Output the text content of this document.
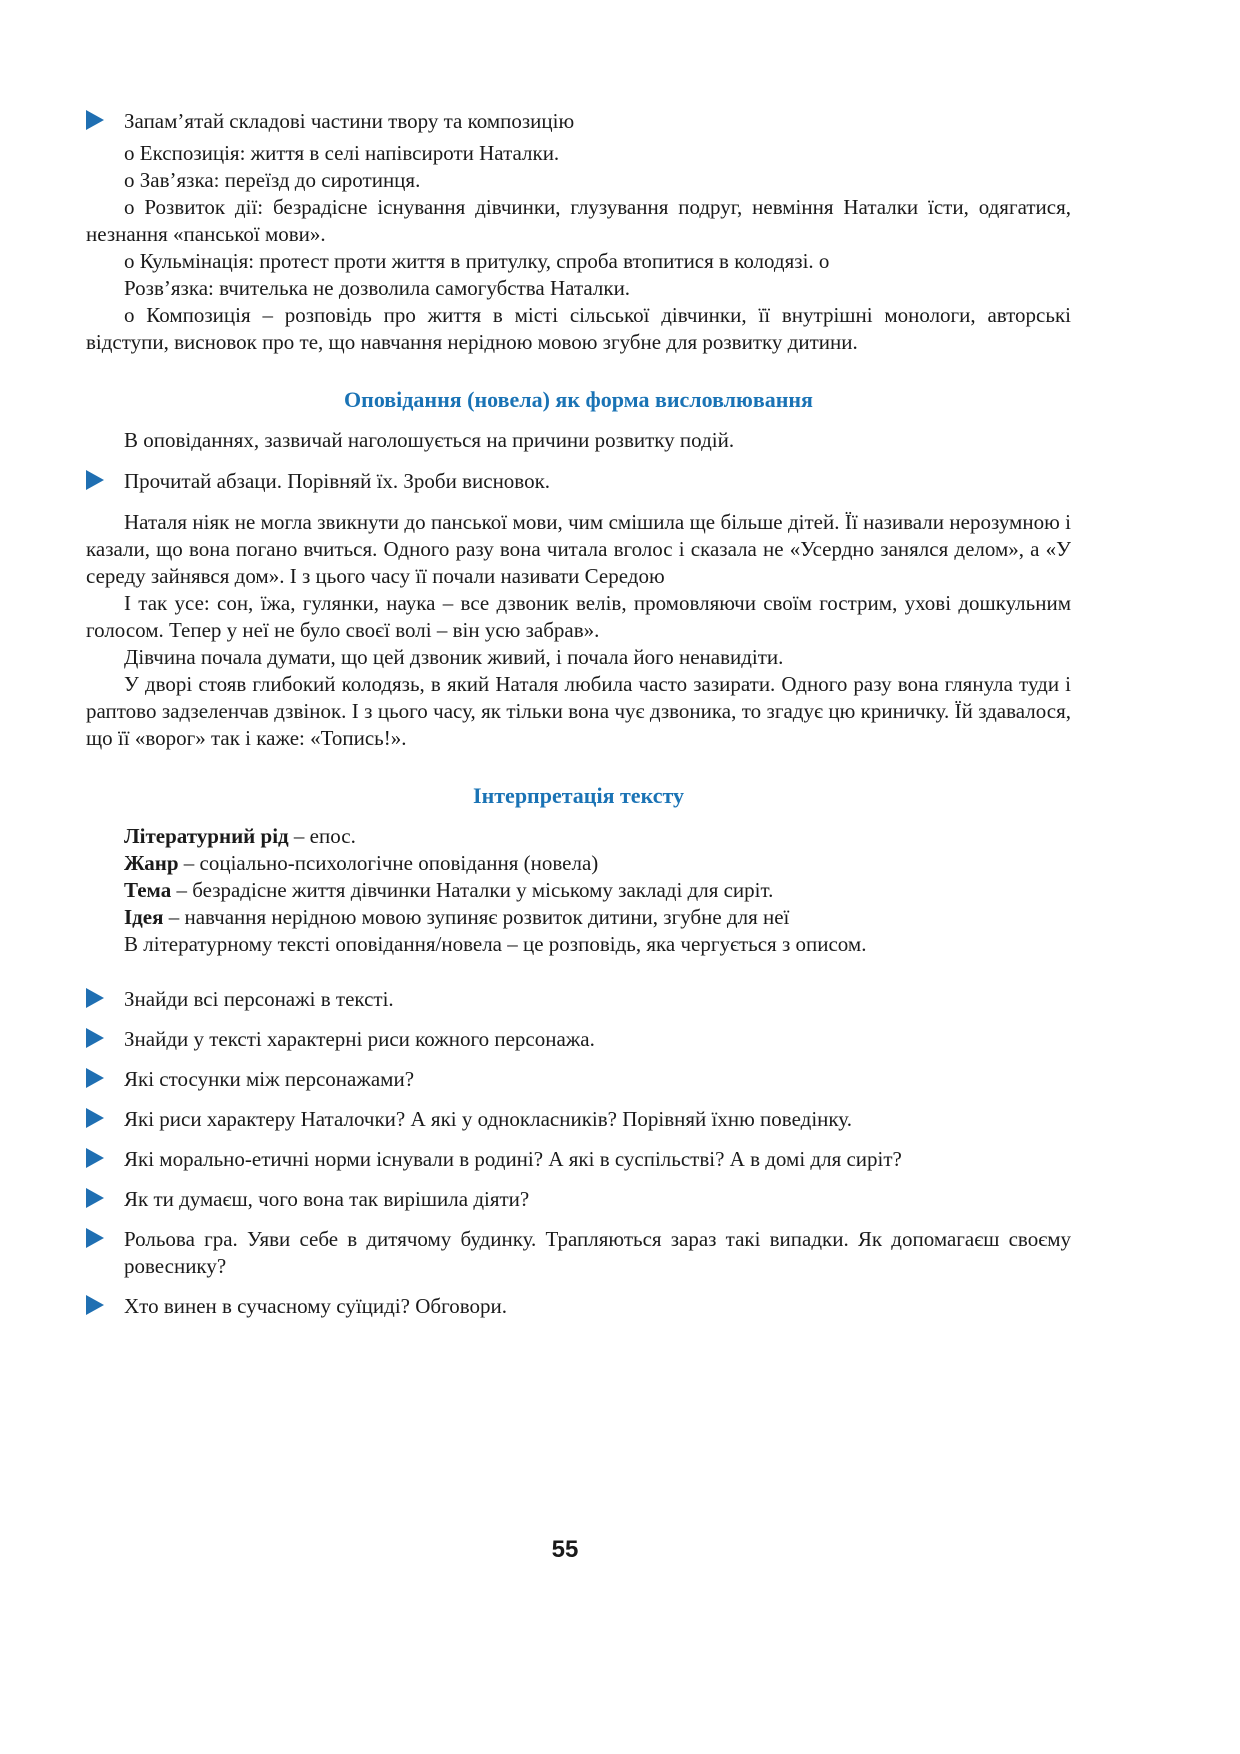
Запам’ятай складові частини твору та композицію

о Експозиція: життя в селі напівсироти Наталки.

о Зав’язка: переїзд до сиротинця.

о Розвиток дії: безрадісне існування дівчинки, глузування подруг, невміння Наталки їсти, одягатися, незнання «панської мови».

о Кульмінація: протест проти життя в притулку, спроба втопитися в колодязі. о

Розв’язка: вчителька не дозволила самогубства Наталки.

о Композиція – розповідь про життя в місті сільської дівчинки, її внутрішні монологи, авторські відступи, висновок про те, що навчання нерідною мовою згубне для розвитку дитини.

Оповідання (новела) як форма висловлювання

В оповіданнях, зазвичай наголошується на причини розвитку подій.

Прочитай абзаци. Порівняй їх. Зроби висновок.

Наталя ніяк не могла звикнути до панської мови, чим смішила ще більше дітей. Її називали нерозумною і казали, що вона погано вчиться. Одного разу вона читала вголос і сказала не «Усердно занялся делом», а «У середу зайнявся дом». І з цього часу її почали називати Середою

І так усе: сон, їжа, гулянки, наука – все дзвоник велів, промовляючи своїм гострим, ухові дошкульним голосом. Тепер у неї не було своєї волі – він усю забрав».

Дівчина почала думати, що цей дзвоник живий, і почала його ненавидіти.

У дворі стояв глибокий колодязь, в який Наталя любила часто зазирати. Одного разу вона глянула туди і раптово задзеленчав дзвінок. І з цього часу, як тільки вона чує дзвоника, то згадує цю криничку. Їй здавалося, що її «ворог» так і каже: «Топись!».

Інтерпретація тексту

Літературний рід – епос.

Жанр – соціально-психологічне оповідання (новела)

Тема – безрадісне життя дівчинки Наталки у міському закладі для сиріт.

Ідея – навчання нерідною мовою зупиняє розвиток дитини, згубне для неї

В літературному тексті оповідання/новела – це розповідь, яка чергується з описом.

Знайди всі персонажі в тексті.

Знайди у тексті характерні риси кожного персонажа.

Які стосунки між персонажами?

Які риси характеру Наталочки? А які у однокласників? Порівняй їхню поведінку.

Які морально-етичні норми існували в родині? А які в суспільстві? А в домі для сиріт?

Як ти думаєш, чого вона так вирішила діяти?

Рольова гра. Уяви себе в дитячому будинку. Трапляються зараз такі випадки. Як допомагаєш своєму ровеснику?

Хто винен в сучасному суїциді? Обговори.

55
